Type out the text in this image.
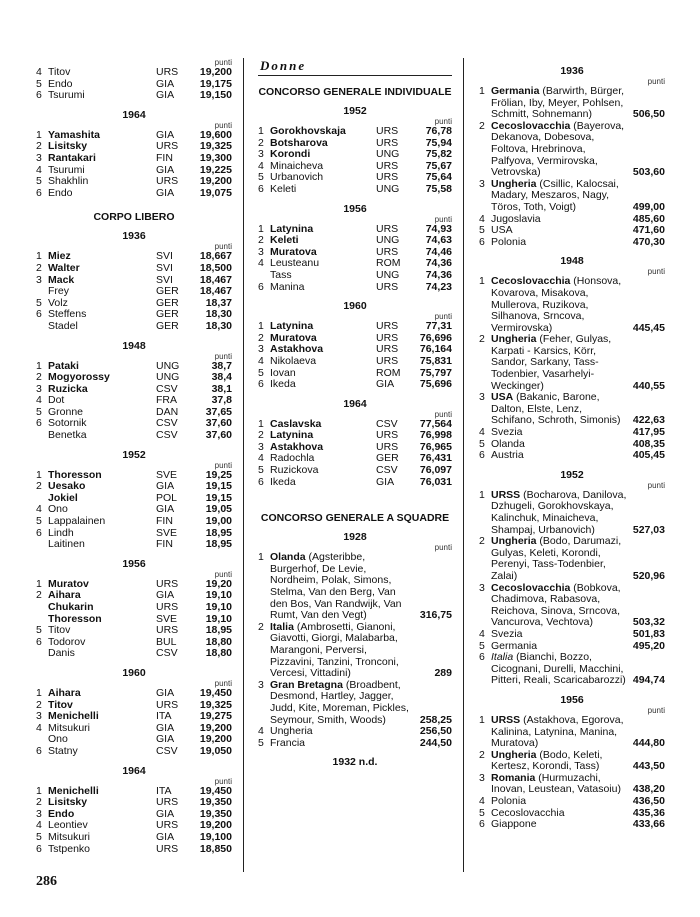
punti
4 Titov	URS	19,200
5 Endo	GIA	19,175
6 Tsurumi	GIA	19,150
1964
punti
1 Yamashita	GIA	19,600
2 Lisitsky	URS	19,325
3 Rantakari	FIN	19,300
4 Tsurumi	GIA	19,225
5 Shakhlin	URS	19,200
6 Endo	GIA	19,075
CORPO LIBERO
1936
punti
1 Miez	SVI	18,667
2 Walter	SVI	18,500
3 Mack	SVI	18,467
Frey	GER	18,467
5 Volz	GER	18,37
6 Steffens	GER	18,30
Stadel	GER	18,30
1948
punti
1 Pataki	UNG	38,7
2 Mogyorossy	UNG	38,4
3 Ruzicka	CSV	38,1
4 Dot	FRA	37,8
5 Gronne	DAN	37,65
6 Sotornik	CSV	37,60
Benetka	CSV	37,60
1952
punti
1 Thoresson	SVE	19,25
2 Uesako	GIA	19,15
Jokiel	POL	19,15
4 Ono	GIA	19,05
5 Lappalainen	FIN	19,00
6 Lindh	SVE	18,95
Laitinen	FIN	18,95
1956
punti
1 Muratov	URS	19,20
2 Aihara	GIA	19,10
Chukarin	URS	19,10
Thoresson	SVE	19,10
5 Titov	URS	18,95
6 Todorov	BUL	18,80
Danis	CSV	18,80
1960
punti
1 Aihara	GIA	19,450
2 Titov	URS	19,325
3 Menichelli	ITA	19,275
4 Mitsukuri	GIA	19,200
Ono	GIA	19,200
6 Statny	CSV	19,050
1964
punti
1 Menichelli	ITA	19,450
2 Lisitsky	URS	19,350
3 Endo	GIA	19,350
4 Leontiev	URS	19,200
5 Mitsukuri	GIA	19,100
6 Tstpenko	URS	18,850
Donne
CONCORSO GENERALE INDIVIDUALE
1952
punti
1 Gorokhovskaja	URS	76,78
2 Botsharova	URS	75,94
3 Korondi	UNG	75,82
4 Minaicheva	URS	75,67
5 Urbanovich	URS	75,64
6 Keleti	UNG	75,58
1956
punti
1 Latynina	URS	74,93
2 Keleti	UNG	74,63
3 Muratova	URS	74,46
4 Leusteanu	ROM	74,36
Tass	UNG	74,36
6 Manina	URS	74,23
1960
punti
1 Latynina	URS	77,31
2 Muratova	URS	76,696
3 Astakhova	URS	76,164
4 Nikolaeva	URS	75,831
5 Iovan	ROM	75,797
6 Ikeda	GIA	75,696
1964
punti
1 Caslavska	CSV	77,564
2 Latynina	URS	76,998
3 Astakhova	URS	76,965
4 Radochla	GER	76,431
5 Ruzickova	CSV	76,097
6 Ikeda	GIA	76,031
CONCORSO GENERALE A SQUADRE
1928
punti
1 Olanda (Agsteribbe, Burgerhof, De Levie, Nordheim, Polak, Simons, Stelma, Van den Berg, Van den Bos, Van Randwijk, Van Rumt, Van den Vegt)	316,75
2 Italia (Ambrosetti, Gianoni, Giavotti, Giorgi, Malabarba, Marangoni, Perversi, Pizzavini, Tanzini, Tronconi, Vercesi, Vittadini)	289
3 Gran Bretagna (Broadbent, Desmond, Hartley, Jagger, Judd, Kite, Moreman, Pickles, Seymour, Smith, Woods)	258,25
4 Ungheria	256,50
5 Francia	244,50
1932 n.d.
1936
punti
1 Germania (Barwirth, Bürger, Frölian, Iby, Meyer, Pohlsen, Schmitt, Sohnemann)	506,50
2 Cecoslovacchia (Bayerova, Dekanova, Dobesova, Foltova, Hrebrinova, Palfyova, Vermirovska, Vetrovska)	503,60
3 Ungheria (Csillic, Kalocsai, Madary, Meszaros, Nagy, Töros, Toth, Voigt)	499,00
4 Jugoslavia	485,60
5 USA	471,60
6 Polonia	470,30
1948
punti
1 Cecoslovacchia (Honsova, Kovarova, Misakova, Mullerova, Ruzikova, Silhanova, Srncova, Vermirovska)	445,45
2 Ungheria (Feher, Gulyas, Karpati - Karsics, Körr, Sandor, Sarkany, Tass-Todenbier, Vasarhelyi-Weckinger)	440,55
3 USA (Bakanic, Barone, Dalton, Elste, Lenz, Schifano, Schroth, Simonis)	422,63
4 Svezia	417,95
5 Olanda	408,35
6 Austria	405,45
1952
punti
1 URSS (Bocharova, Danilova, Dzhugeli, Gorokhovskaya, Kalinchuk, Minaicheva, Shampaj, Urbanovich)	527,03
2 Ungheria (Bodo, Darumazi, Gulyas, Keleti, Korondi, Perenyi, Tass-Todenbier, Zalai)	520,96
3 Cecoslovacchia (Bobkova, Chadimova, Rabasova, Reichova, Sinova, Srncova, Vancurova, Vechtova)	503,32
4 Svezia	501,83
5 Germania	495,20
6 Italia (Bianchi, Bozzo, Cicognani, Durelli, Macchini, Pitteri, Reali, Scaricabarozzi) 494,74
1956
punti
1 URSS (Astakhova, Egorova, Kalinina, Latynina, Manina, Muratova)	444,80
2 Ungheria (Bodo, Keleti, Kertesz, Korondi, Tass)	443,50
3 Romania (Hurmuzachi, Inovan, Leustean, Vatasoiu)	438,20
4 Polonia	436,50
5 Cecoslovacchia	435,36
6 Giappone	433,66
286
